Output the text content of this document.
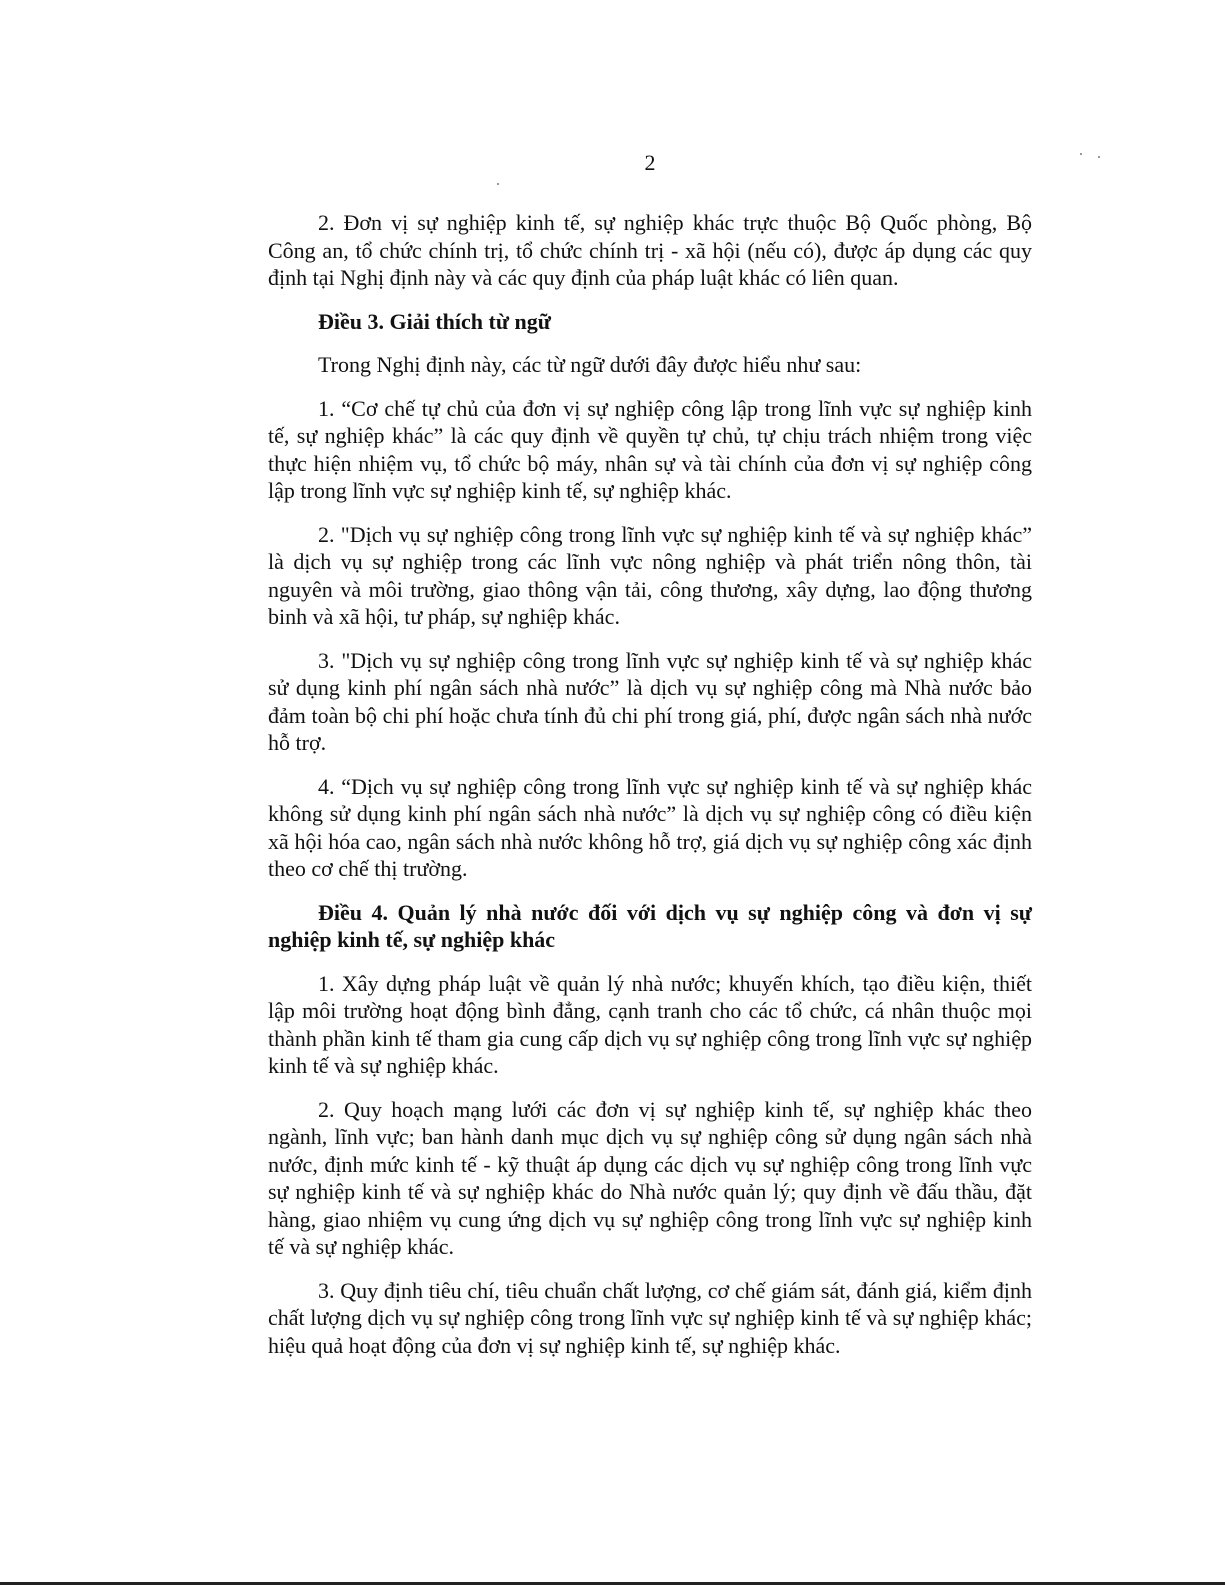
2

2. Đơn vị sự nghiệp kinh tế, sự nghiệp khác trực thuộc Bộ Quốc phòng, Bộ Công an, tổ chức chính trị, tổ chức chính trị - xã hội (nếu có), được áp dụng các quy định tại Nghị định này và các quy định của pháp luật khác có liên quan.

Điều 3. Giải thích từ ngữ

Trong Nghị định này, các từ ngữ dưới đây được hiểu như sau:

1. “Cơ chế tự chủ của đơn vị sự nghiệp công lập trong lĩnh vực sự nghiệp kinh tế, sự nghiệp khác” là các quy định về quyền tự chủ, tự chịu trách nhiệm trong việc thực hiện nhiệm vụ, tổ chức bộ máy, nhân sự và tài chính của đơn vị sự nghiệp công lập trong lĩnh vực sự nghiệp kinh tế, sự nghiệp khác.

2. "Dịch vụ sự nghiệp công trong lĩnh vực sự nghiệp kinh tế và sự nghiệp khác” là dịch vụ sự nghiệp trong các lĩnh vực nông nghiệp và phát triển nông thôn, tài nguyên và môi trường, giao thông vận tải, công thương, xây dựng, lao động thương binh và xã hội, tư pháp, sự nghiệp khác.

3. "Dịch vụ sự nghiệp công trong lĩnh vực sự nghiệp kinh tế và sự nghiệp khác sử dụng kinh phí ngân sách nhà nước” là dịch vụ sự nghiệp công mà Nhà nước bảo đảm toàn bộ chi phí hoặc chưa tính đủ chi phí trong giá, phí, được ngân sách nhà nước hỗ trợ.

4. “Dịch vụ sự nghiệp công trong lĩnh vực sự nghiệp kinh tế và sự nghiệp khác không sử dụng kinh phí ngân sách nhà nước” là dịch vụ sự nghiệp công có điều kiện xã hội hóa cao, ngân sách nhà nước không hỗ trợ, giá dịch vụ sự nghiệp công xác định theo cơ chế thị trường.

Điều 4. Quản lý nhà nước đối với dịch vụ sự nghiệp công và đơn vị sự nghiệp kinh tế, sự nghiệp khác

1. Xây dựng pháp luật về quản lý nhà nước; khuyến khích, tạo điều kiện, thiết lập môi trường hoạt động bình đẳng, cạnh tranh cho các tổ chức, cá nhân thuộc mọi thành phần kinh tế tham gia cung cấp dịch vụ sự nghiệp công trong lĩnh vực sự nghiệp kinh tế và sự nghiệp khác.

2. Quy hoạch mạng lưới các đơn vị sự nghiệp kinh tế, sự nghiệp khác theo ngành, lĩnh vực; ban hành danh mục dịch vụ sự nghiệp công sử dụng ngân sách nhà nước, định mức kinh tế - kỹ thuật áp dụng các dịch vụ sự nghiệp công trong lĩnh vực sự nghiệp kinh tế và sự nghiệp khác do Nhà nước quản lý; quy định về đấu thầu, đặt hàng, giao nhiệm vụ cung ứng dịch vụ sự nghiệp công trong lĩnh vực sự nghiệp kinh tế và sự nghiệp khác.

3. Quy định tiêu chí, tiêu chuẩn chất lượng, cơ chế giám sát, đánh giá, kiểm định chất lượng dịch vụ sự nghiệp công trong lĩnh vực sự nghiệp kinh tế và sự nghiệp khác; hiệu quả hoạt động của đơn vị sự nghiệp kinh tế, sự nghiệp khác.
